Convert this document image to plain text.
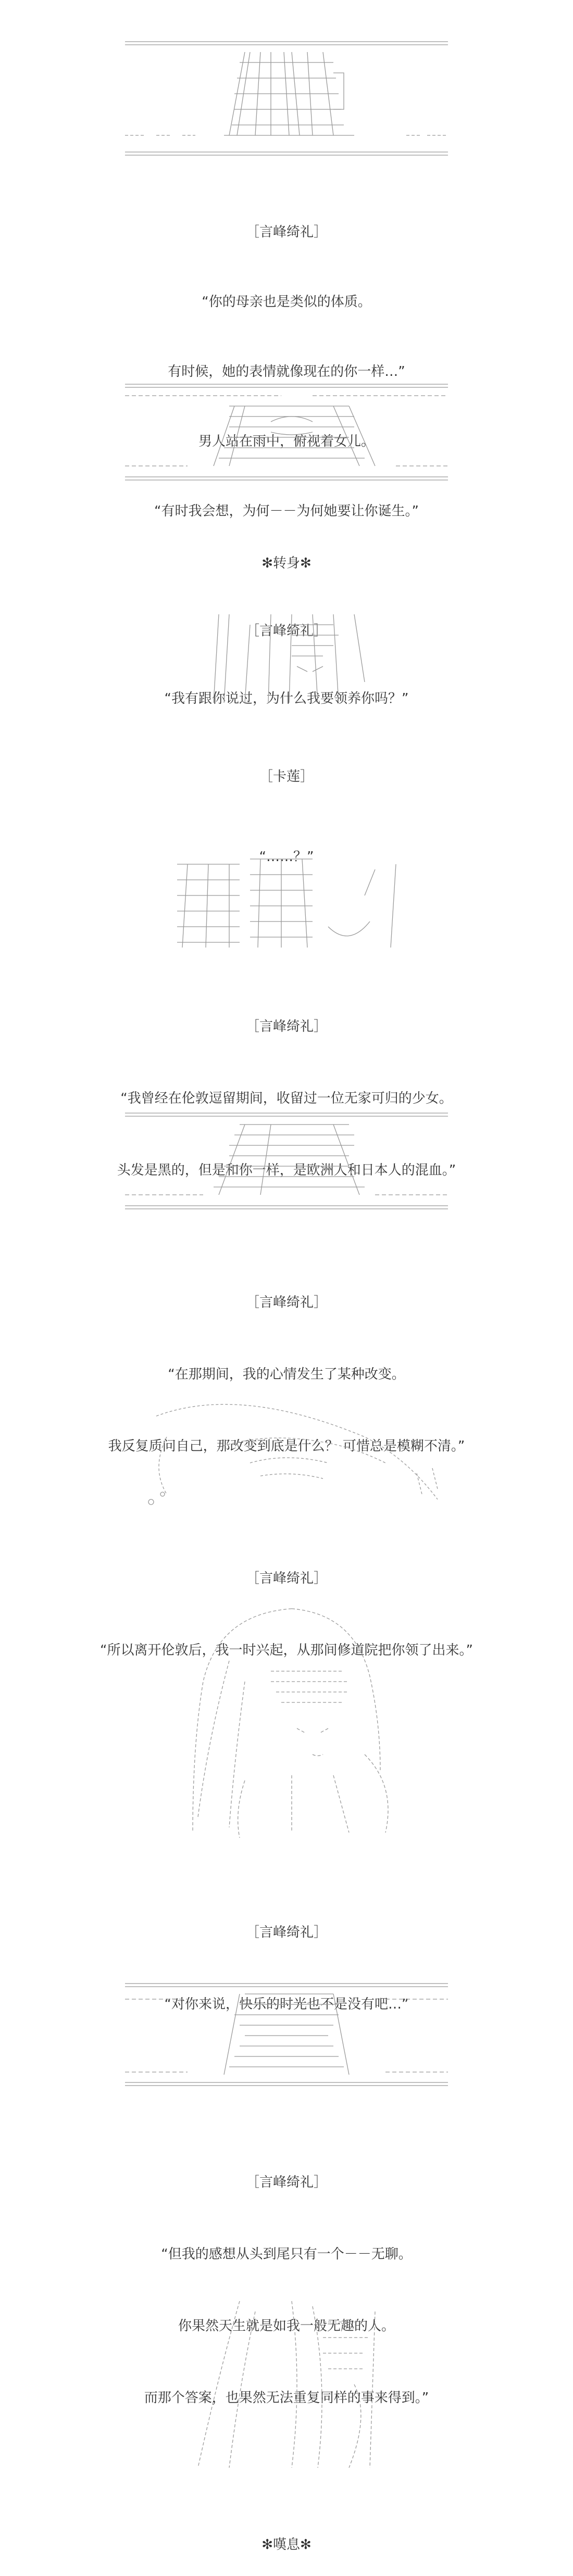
［言峰绮礼］

“你的母亲也是类似的体质。

有时候，她的表情就像现在的你一样…”

男人站在雨中，俯视着女儿。

“有时我会想，为何－－为何她要让你诞生。”

✻转身✻

［言峰绮礼］

“我有跟你说过，为什么我要领养你吗？”

［卡莲］

“……？”

［言峰绮礼］

“我曾经在伦敦逗留期间，收留过一位无家可归的少女。

头发是黑的，但是和你一样，是欧洲人和日本人的混血。”

［言峰绮礼］

“在那期间，我的心情发生了某种改变。

我反复质问自己，那改变到底是什么？ 可惜总是模糊不清。”

［言峰绮礼］

“所以离开伦敦后，我一时兴起，从那间修道院把你领了出来。”

［言峰绮礼］

“对你来说，快乐的时光也不是没有吧…”

［言峰绮礼］

“但我的感想从头到尾只有一个－－无聊。

你果然天生就是如我一般无趣的人。

而那个答案，也果然无法重复同样的事来得到。”

✻嘆息✻
